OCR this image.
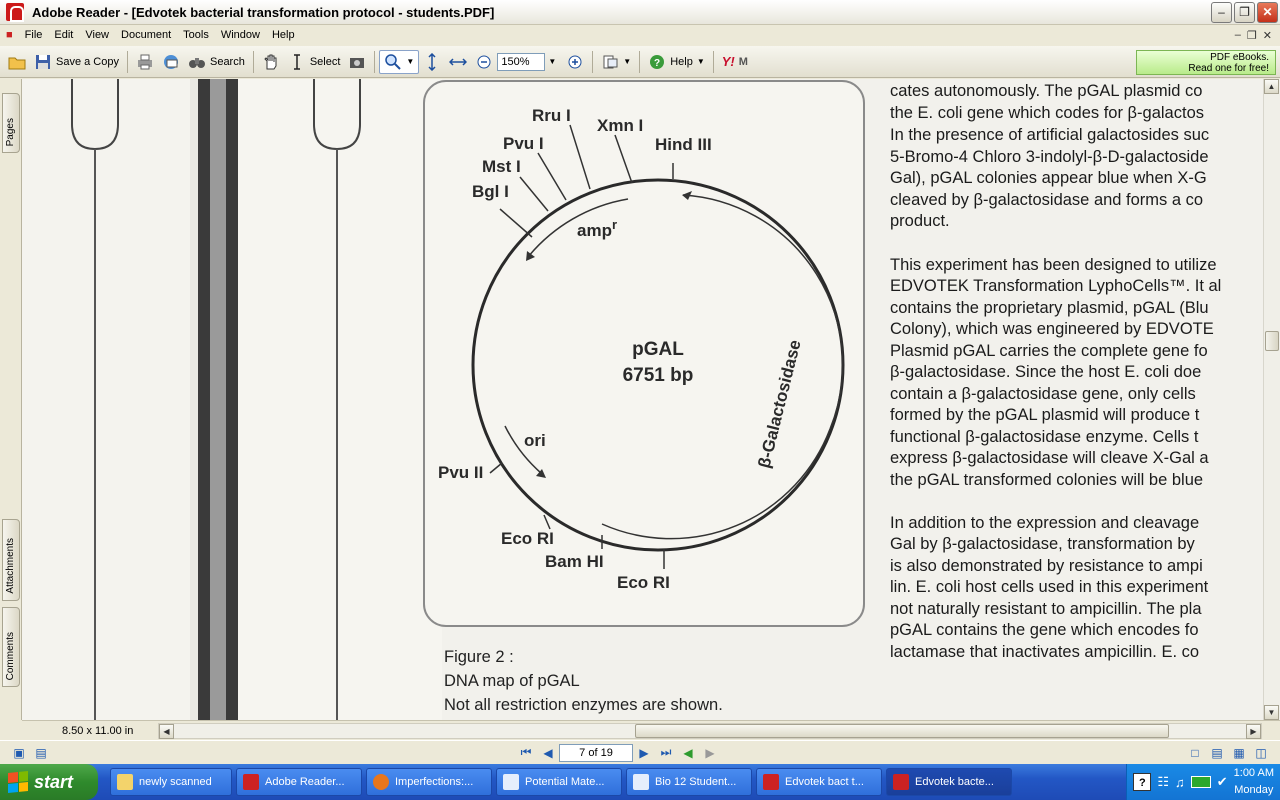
Adobe Reader - [Edvotek bacterial transformation protocol - students.PDF]	–	❐	✕
■	File	Edit	View	Document	Tools	Window	Help	– ❐ ✕
Save a Copy	Search	Select	▼
150%	▼	▼ ? Help ▼ Y! M	PDF eBooks.
Read one for free!
Pages
Attachments
Comments
Rru I
Xmn I
Pvu I	Hind III
Mst I
Bgl I
amp$^r$
pGAL
6751 bp	β-Galactosidase
ori
Pvu II
Eco RI
Bam HI
Eco RI
Figure 2 :
DNA map of pGAL
Not all restriction enzymes are shown.
cates autonomously. The pGAL plasmid co
the E. coli gene which codes for β-galactos
In the presence of artificial galactosides suc
5-Bromo-4 Chloro 3-indolyl-β-D-galactoside
Gal), pGAL colonies appear blue when X-G
cleaved by β-galactosidase and forms a co
product.
This experiment has been designed to utilize
EDVOTEK Transformation LyphoCells™. It al
contains the proprietary plasmid, pGAL (Blu
Colony), which was engineered by EDVOTE
Plasmid pGAL carries the complete gene fo
β-galactosidase. Since the host E. coli doe
contain a β-galactosidase gene, only cells
formed by the pGAL plasmid will produce t
functional β-galactosidase enzyme. Cells t
express β-galactosidase will cleave X-Gal a
the pGAL transformed colonies will be blue
In addition to the expression and cleavage
Gal by β-galactosidase, transformation by
is also demonstrated by resistance to ampi
lin. E. coli host cells used in this experiment
not naturally resistant to ampicillin. The pla
pGAL contains the gene which encodes fo
lactamase that inactivates ampicillin. E. co
▲
▼
8.50 x 11.00 in	◀	▶
▣ ▤	⏮ ◀	7 of 19	▶ ⏭ ◀	▶	□	▤ ▦ ◫
start	newly scanned	Adobe Reader...	Imperfections:...	Potential Mate...	Bio 12 Student...	Edvotek bact t...	Edvotek bacte...	? ☷ ♫ ✔
1:00 AM
Monday
